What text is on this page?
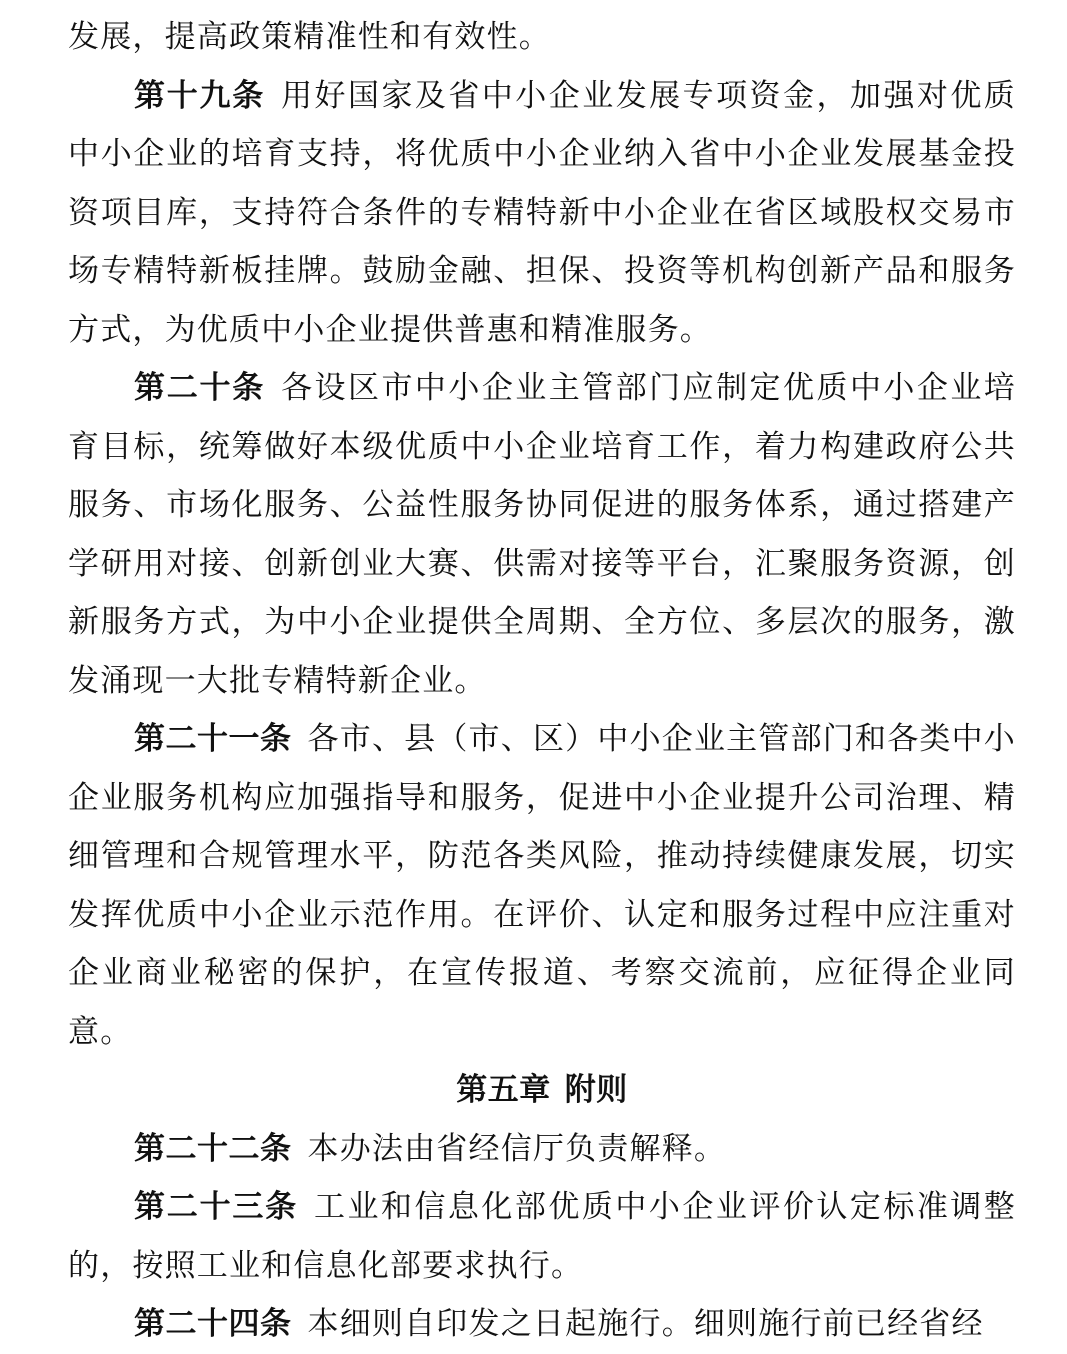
发展，提高政策精准性和有效性。

第十九条 用好国家及省中小企业发展专项资金，加强对优质中小企业的培育支持，将优质中小企业纳入省中小企业发展基金投资项目库，支持符合条件的专精特新中小企业在省区域股权交易市场专精特新板挂牌。鼓励金融、担保、投资等机构创新产品和服务方式，为优质中小企业提供普惠和精准服务。

第二十条 各设区市中小企业主管部门应制定优质中小企业培育目标，统筹做好本级优质中小企业培育工作，着力构建政府公共服务、市场化服务、公益性服务协同促进的服务体系，通过搭建产学研用对接、创新创业大赛、供需对接等平台，汇聚服务资源，创新服务方式，为中小企业提供全周期、全方位、多层次的服务，激发涌现一大批专精特新企业。

第二十一条 各市、县（市、区）中小企业主管部门和各类中小企业服务机构应加强指导和服务，促进中小企业提升公司治理、精细管理和合规管理水平，防范各类风险，推动持续健康发展，切实发挥优质中小企业示范作用。在评价、认定和服务过程中应注重对企业商业秘密的保护，在宣传报道、考察交流前，应征得企业同意。

第五章 附则

第二十二条 本办法由省经信厅负责解释。

第二十三条 工业和信息化部优质中小企业评价认定标准调整的，按照工业和信息化部要求执行。

第二十四条 本细则自印发之日起施行。细则施行前已经省经
